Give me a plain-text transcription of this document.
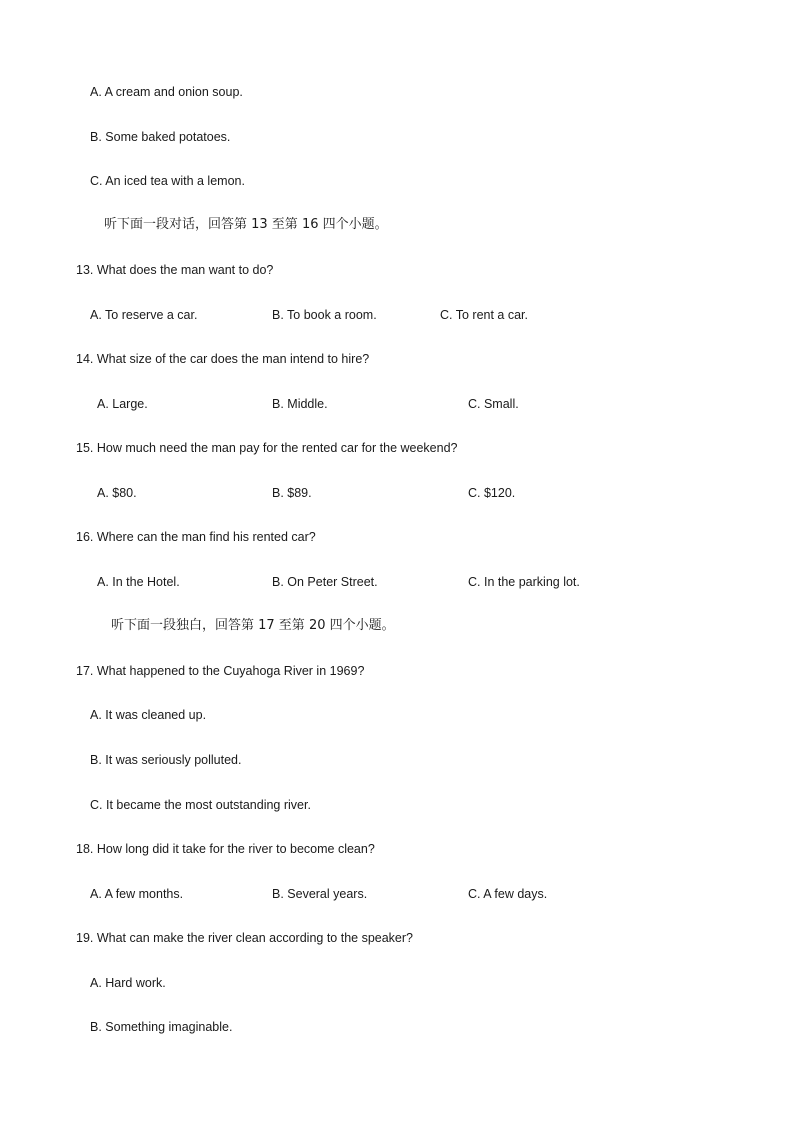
A. A cream and onion soup.
B. Some baked potatoes.
C. An iced tea with a lemon.
听下面一段对话，回答第 13 至第 16 四个小题。
13. What does the man want to do?
A. To reserve a car.	B. To book a room.	C. To rent a car.
14. What size of the car does the man intend to hire?
A. Large.	B. Middle.	C. Small.
15. How much need the man pay for the rented car for the weekend?
A. $80.	B. $89.	C. $120.
16. Where can the man find his rented car?
A. In the Hotel.	B. On Peter Street.	C. In the parking lot.
听下面一段独白，回答第 17 至第 20 四个小题。
17. What happened to the Cuyahoga River in 1969?
A. It was cleaned up.
B. It was seriously polluted.
C. It became the most outstanding river.
18. How long did it take for the river to become clean?
A. A few months.	B. Several years.	C. A few days.
19. What can make the river clean according to the speaker?
A. Hard work.
B. Something imaginable.
